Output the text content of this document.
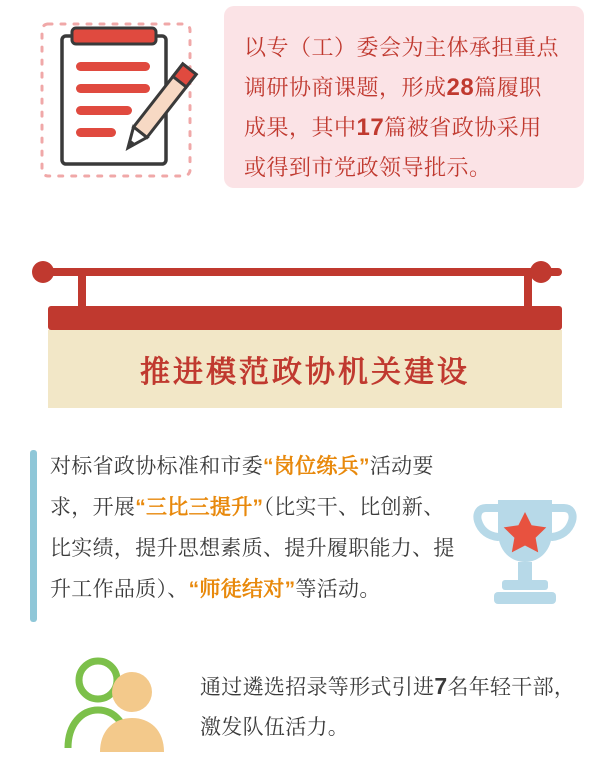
以专（工）委会为主体承担重点调研协商课题，形成28篇履职成果，其中17篇被省政协采用或得到市党政领导批示。
推进模范政协机关建设
对标省政协标准和市委“岗位练兵”活动要求，开展“三比三提升”（比实干、比创新、比实绩，提升思想素质、提升履职能力、提升工作品质）、“师徒结对”等活动。
通过遴选招录等形式引进7名年轻干部，激发队伍活力。
